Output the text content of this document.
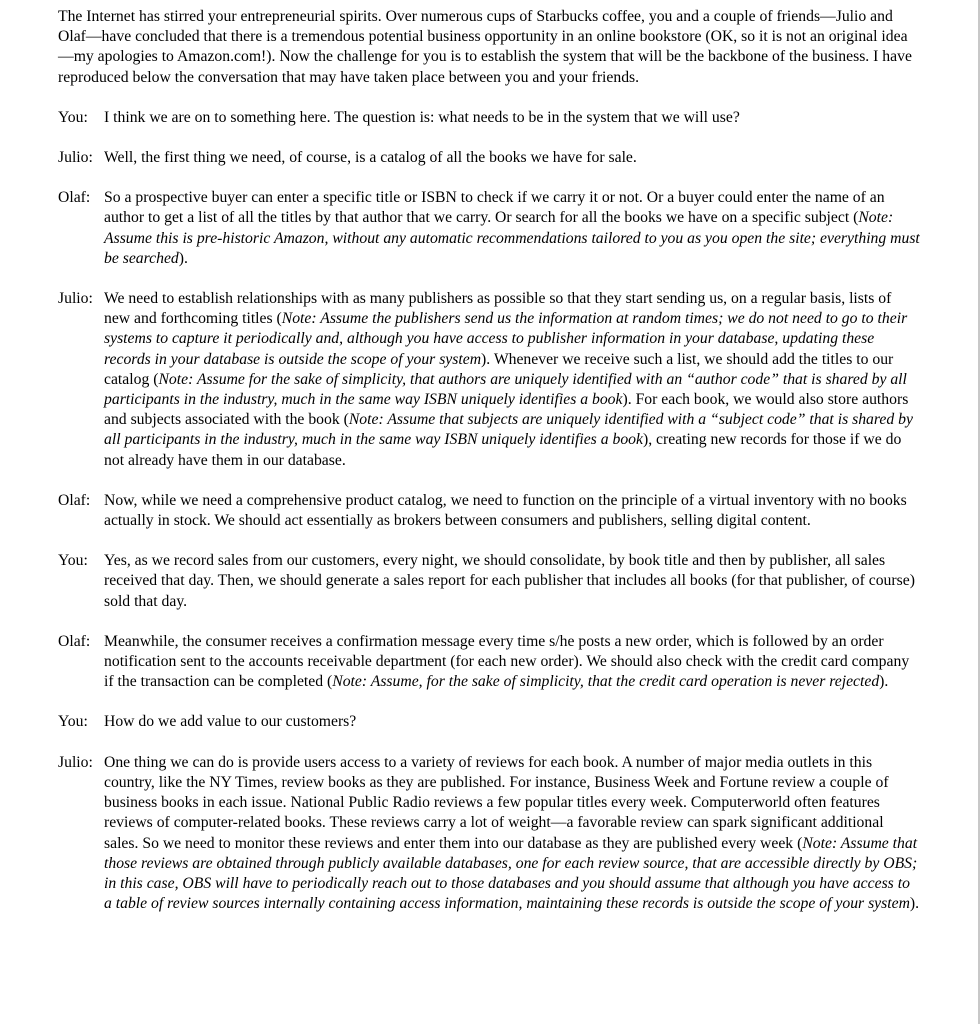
The Internet has stirred your entrepreneurial spirits. Over numerous cups of Starbucks coffee, you and a couple of friends—Julio and Olaf—have concluded that there is a tremendous potential business opportunity in an online bookstore (OK, so it is not an original idea—my apologies to Amazon.com!). Now the challenge for you is to establish the system that will be the backbone of the business. I have reproduced below the conversation that may have taken place between you and your friends.

You:	I think we are on to something here. The question is: what needs to be in the system that we will use?

Julio: Well, the first thing we need, of course, is a catalog of all the books we have for sale.

Olaf: So a prospective buyer can enter a specific title or ISBN to check if we carry it or not. Or a buyer could enter the name of an author to get a list of all the titles by that author that we carry. Or search for all the books we have on a specific subject (Note: Assume this is pre-historic Amazon, without any automatic recommendations tailored to you as you open the site; everything must be searched).

Julio: We need to establish relationships with as many publishers as possible so that they start sending us, on a regular basis, lists of new and forthcoming titles (Note: Assume the publishers send us the information at random times; we do not need to go to their systems to capture it periodically and, although you have access to publisher information in your database, updating these records in your database is outside the scope of your system). Whenever we receive such a list, we should add the titles to our catalog (Note: Assume for the sake of simplicity, that authors are uniquely identified with an “author code” that is shared by all participants in the industry, much in the same way ISBN uniquely identifies a book). For each book, we would also store authors and subjects associated with the book (Note: Assume that subjects are uniquely identified with a “subject code” that is shared by all participants in the industry, much in the same way ISBN uniquely identifies a book), creating new records for those if we do not already have them in our database.

Olaf: Now, while we need a comprehensive product catalog, we need to function on the principle of a virtual inventory with no books actually in stock. We should act essentially as brokers between consumers and publishers, selling digital content.

You:	Yes, as we record sales from our customers, every night, we should consolidate, by book title and then by publisher, all sales received that day. Then, we should generate a sales report for each publisher that includes all books (for that publisher, of course) sold that day.

Olaf: Meanwhile, the consumer receives a confirmation message every time s/he posts a new order, which is followed by an order notification sent to the accounts receivable department (for each new order). We should also check with the credit card company if the transaction can be completed (Note: Assume, for the sake of simplicity, that the credit card operation is never rejected).

You:	How do we add value to our customers?

Julio: One thing we can do is provide users access to a variety of reviews for each book. A number of major media outlets in this country, like the NY Times, review books as they are published. For instance, Business Week and Fortune review a couple of business books in each issue. National Public Radio reviews a few popular titles every week. Computerworld often features reviews of computer-related books. These reviews carry a lot of weight—a favorable review can spark significant additional sales. So we need to monitor these reviews and enter them into our database as they are published every week (Note: Assume that those reviews are obtained through publicly available databases, one for each review source, that are accessible directly by OBS; in this case, OBS will have to periodically reach out to those databases and you should assume that although you have access to a table of review sources internally containing access information, maintaining these records is outside the scope of your system).
